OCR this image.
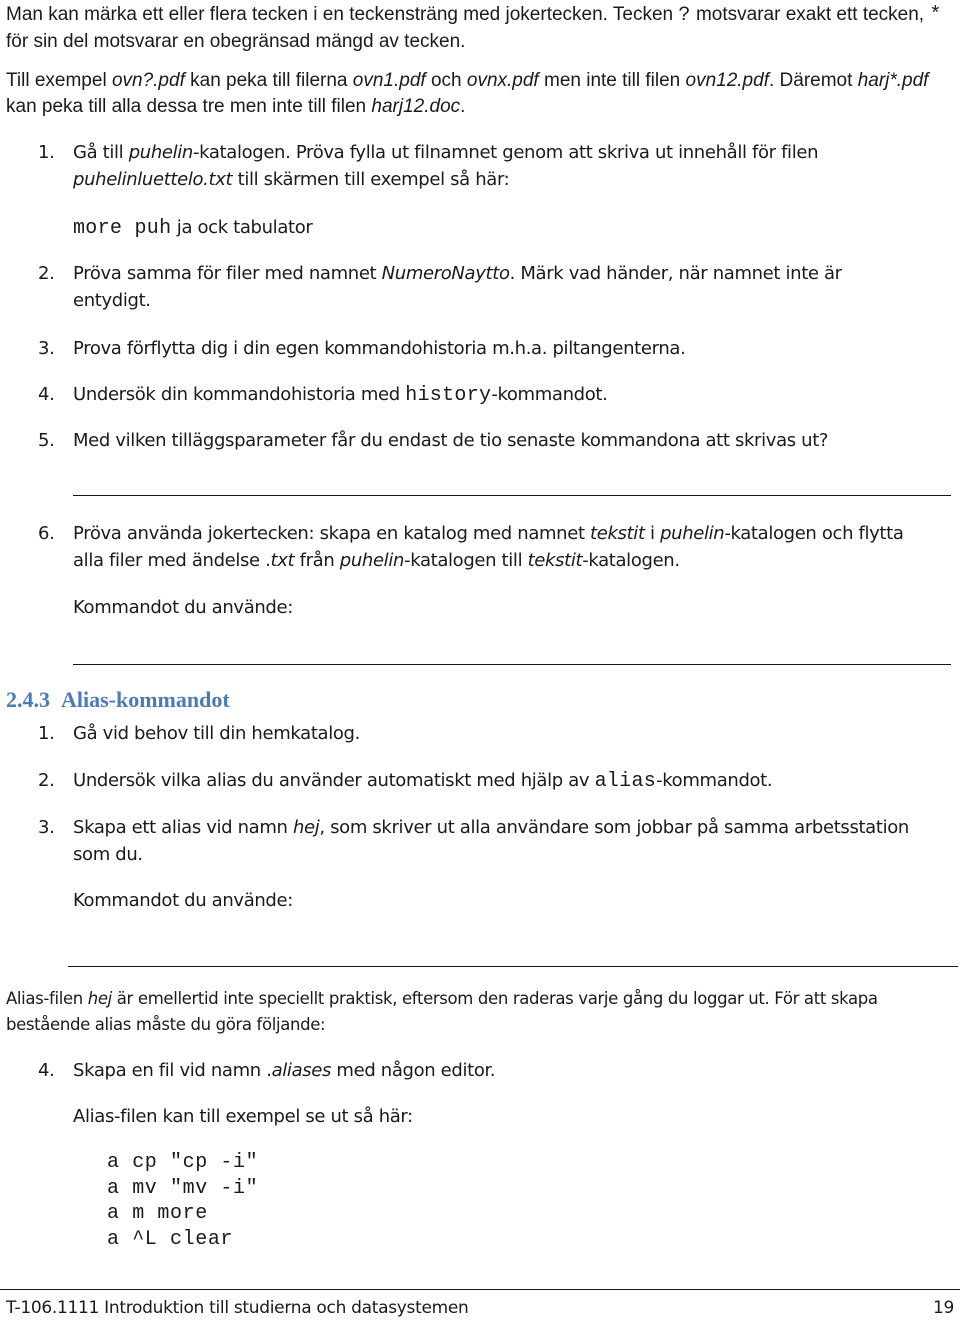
Man kan märka ett eller flera tecken i en teckensträng med jokertecken. Tecken ? motsvarar exakt ett tecken, *
för sin del motsvarar en obegränsad mängd av tecken.
Till exempel ovn?.pdf kan peka till filerna ovn1.pdf och ovnx.pdf men inte till filen ovn12.pdf. Däremot harj*.pdf
kan peka till alla dessa tre men inte till filen harj12.doc.
1. Gå till puhelin-katalogen. Pröva fylla ut filnamnet genom att skriva ut innehåll för filen
puhelinluettelo.txt till skärmen till exempel så här:
more puh ja ock tabulator
2. Pröva samma för filer med namnet NumeroNaytto. Märk vad händer, när namnet inte är
entydigt.
3. Prova förflytta dig i din egen kommandohistoria m.h.a. piltangenterna.
4. Undersök din kommandohistoria med history-kommandot.
5. Med vilken tilläggsparameter får du endast de tio senaste kommandona att skrivas ut?
6. Pröva använda jokertecken: skapa en katalog med namnet tekstit i puhelin-katalogen och flytta
alla filer med ändelse .txt från puhelin-katalogen till tekstit-katalogen.
Kommandot du använde:
2.4.3 Alias-kommandot
1. Gå vid behov till din hemkatalog.
2. Undersök vilka alias du använder automatiskt med hjälp av alias-kommandot.
3. Skapa ett alias vid namn hej, som skriver ut alla användare som jobbar på samma arbetsstation
som du.
Kommandot du använde:
Alias-filen hej är emellertid inte speciellt praktisk, eftersom den raderas varje gång du loggar ut. För att skapa
bestående alias måste du göra följande:
4. Skapa en fil vid namn .aliases med någon editor.
Alias-filen kan till exempel se ut så här:
a cp "cp -i"
a mv "mv -i"
a m more
a ^L clear
T-106.1111 Introduktion till studierna och datasystemen	19
